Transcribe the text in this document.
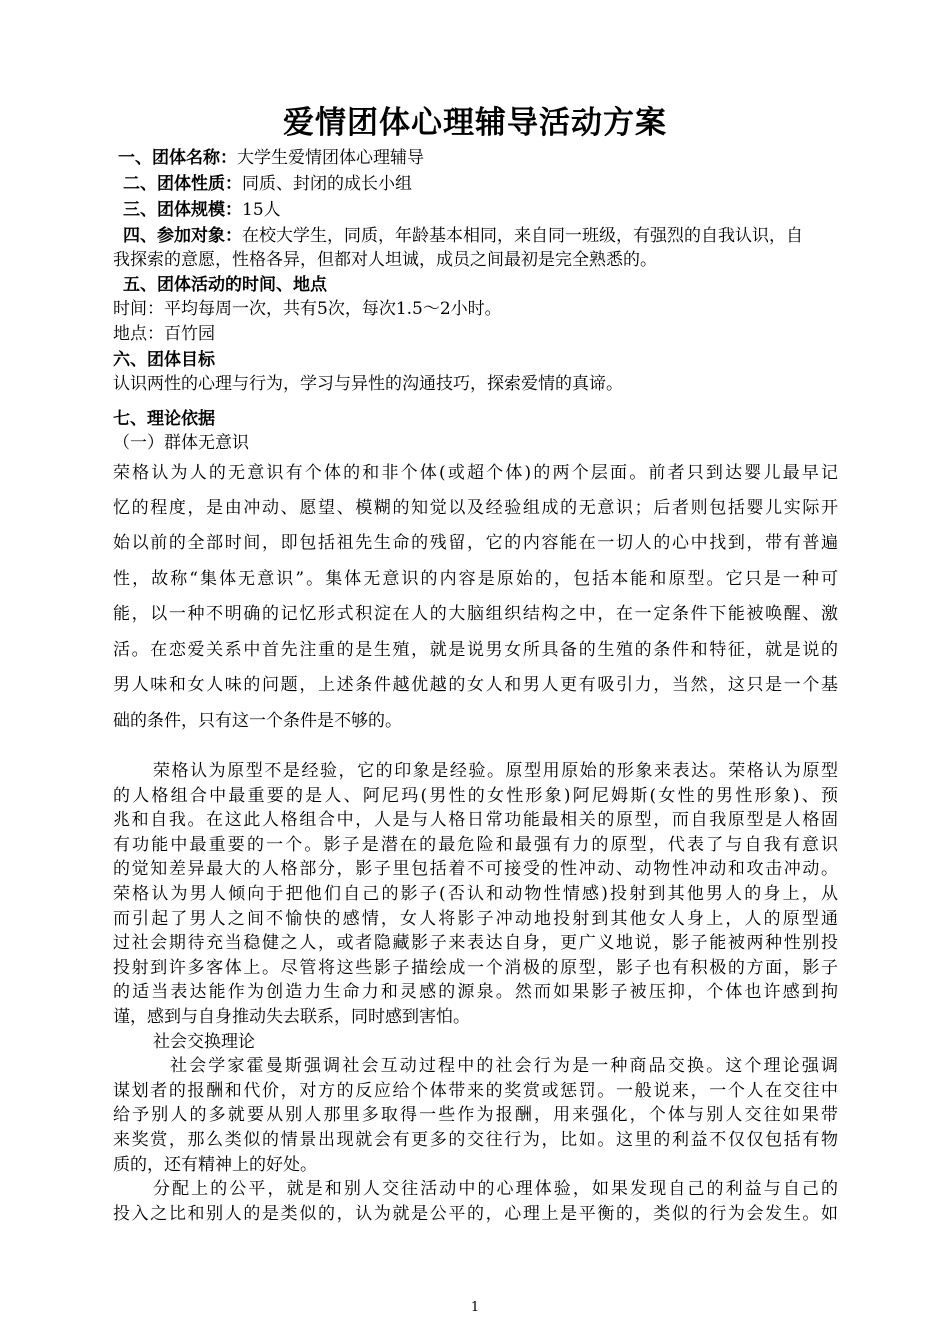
爱情团体心理辅导活动方案
一、团体名称：大学生爱情团体心理辅导
二、团体性质：同质、封闭的成长小组
三、团体规模：15人
四、参加对象：在校大学生，同质，年龄基本相同，来自同一班级，有强烈的自我认识，自
我探索的意愿，性格各异，但都对人坦诚，成员之间最初是完全熟悉的。
五、团体活动的时间、地点
时间：平均每周一次，共有5次，每次1.5～2小时。
地点：百竹园
六、团体目标
认识两性的心理与行为，学习与异性的沟通技巧，探索爱情的真谛。
七、理论依据
（一）群体无意识
荣格认为人的无意识有个体的和非个体(或超个体)的两个层面。前者只到达婴儿最早记
忆的程度，是由冲动、愿望、模糊的知觉以及经验组成的无意识；后者则包括婴儿实际开
始以前的全部时间，即包括祖先生命的残留，它的内容能在一切人的心中找到，带有普遍
性，故称“集体无意识”。集体无意识的内容是原始的，包括本能和原型。它只是一种可
能，以一种不明确的记忆形式积淀在人的大脑组织结构之中，在一定条件下能被唤醒、激
活。在恋爱关系中首先注重的是生殖，就是说男女所具备的生殖的条件和特征，就是说的
男人味和女人味的问题，上述条件越优越的女人和男人更有吸引力，当然，这只是一个基
础的条件，只有这一个条件是不够的。
荣格认为原型不是经验，它的印象是经验。原型用原始的形象来表达。荣格认为原型
的人格组合中最重要的是人、阿尼玛(男性的女性形象)阿尼姆斯(女性的男性形象)、预
兆和自我。在这此人格组合中，人是与人格日常功能最相关的原型，而自我原型是人格固
有功能中最重要的一个。影子是潜在的最危险和最强有力的原型，代表了与自我有意识
的觉知差异最大的人格部分，影子里包括着不可接受的性冲动、动物性冲动和攻击冲动。
荣格认为男人倾向于把他们自己的影子(否认和动物性情感)投射到其他男人的身上，从
而引起了男人之间不愉快的感情，女人将影子冲动地投射到其他女人身上，人的原型通
过社会期待充当稳健之人，或者隐藏影子来表达自身，更广义地说，影子能被两种性别投
投射到许多客体上。尽管将这些影子描绘成一个消极的原型，影子也有积极的方面，影子
的适当表达能作为创造力生命力和灵感的源泉。然而如果影子被压抑，个体也许感到拘
谨，感到与自身推动失去联系，同时感到害怕。
社会交换理论
社会学家霍曼斯强调社会互动过程中的社会行为是一种商品交换。这个理论强调
谋划者的报酬和代价，对方的反应给个体带来的奖赏或惩罚。一般说来，一个人在交往中
给予别人的多就要从别人那里多取得一些作为报酬，用来强化，个体与别人交往如果带
来奖赏，那么类似的情景出现就会有更多的交往行为，比如。这里的利益不仅仅包括有物
质的，还有精神上的好处。
分配上的公平，就是和别人交往活动中的心理体验，如果发现自己的利益与自己的
投入之比和别人的是类似的，认为就是公平的，心理上是平衡的，类似的行为会发生。如
1
